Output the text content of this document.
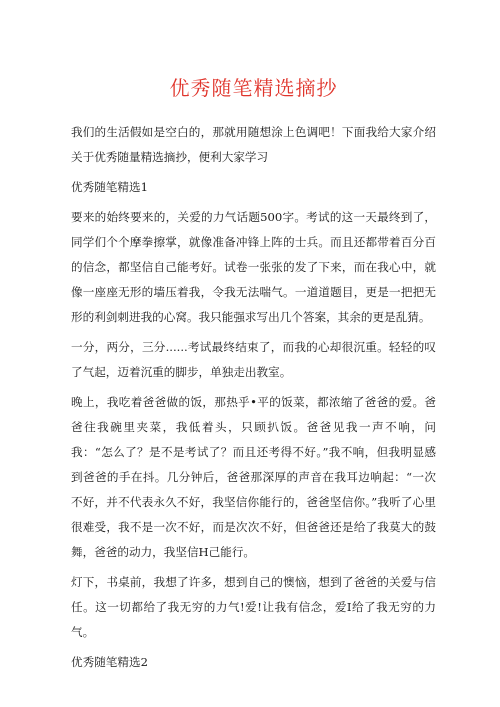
优秀随笔精选摘抄

我们的生活假如是空白的，那就用随想涂上色调吧！下面我给大家介绍关于优秀随量精选摘抄，便利大家学习

优秀随笔精选1

要来的始终要来的，关爱的力气话题500字。考试的这一天最终到了，同学们个个摩拳擦掌，就像准备冲锋上阵的士兵。而且还都带着百分百的信念，都坚信自己能考好。试卷一张张的发了下来，而在我心中，就像一座座无形的墙压着我，令我无法喘气。一道道题目，更是一把把无形的利剑刺进我的心窝。我只能强求写出几个答案，其余的更是乱猜。

一分，两分，三分......考试最终结束了，而我的心却很沉重。轻轻的叹了气起，迈着沉重的脚步，单独走出教室。

晚上，我吃着爸爸做的饭，那热乎•平的饭菜，都浓缩了爸爸的爱。爸爸往我碗里夹菜，我低着头，只顾扒饭。爸爸见我一声不响，问我：“怎么了？是不是考试了？而且还考得不好。”我不响，但我明显感到爸爸的手在抖。几分钟后，爸爸那深厚的声音在我耳边响起：“一次不好，并不代表永久不好，我坚信你能行的，爸爸坚信你。”我听了心里很难受，我不是一次不好，而是次次不好，但爸爸还是给了我莫大的鼓舞，爸爸的动力，我坚信H己能行。

灯下，书桌前，我想了许多，想到自己的懊恼，想到了爸爸的关爱与信任。这一切都给了我无穷的力气!爱!让我有信念，爱I给了我无穷的力气。

优秀随笔精选2
